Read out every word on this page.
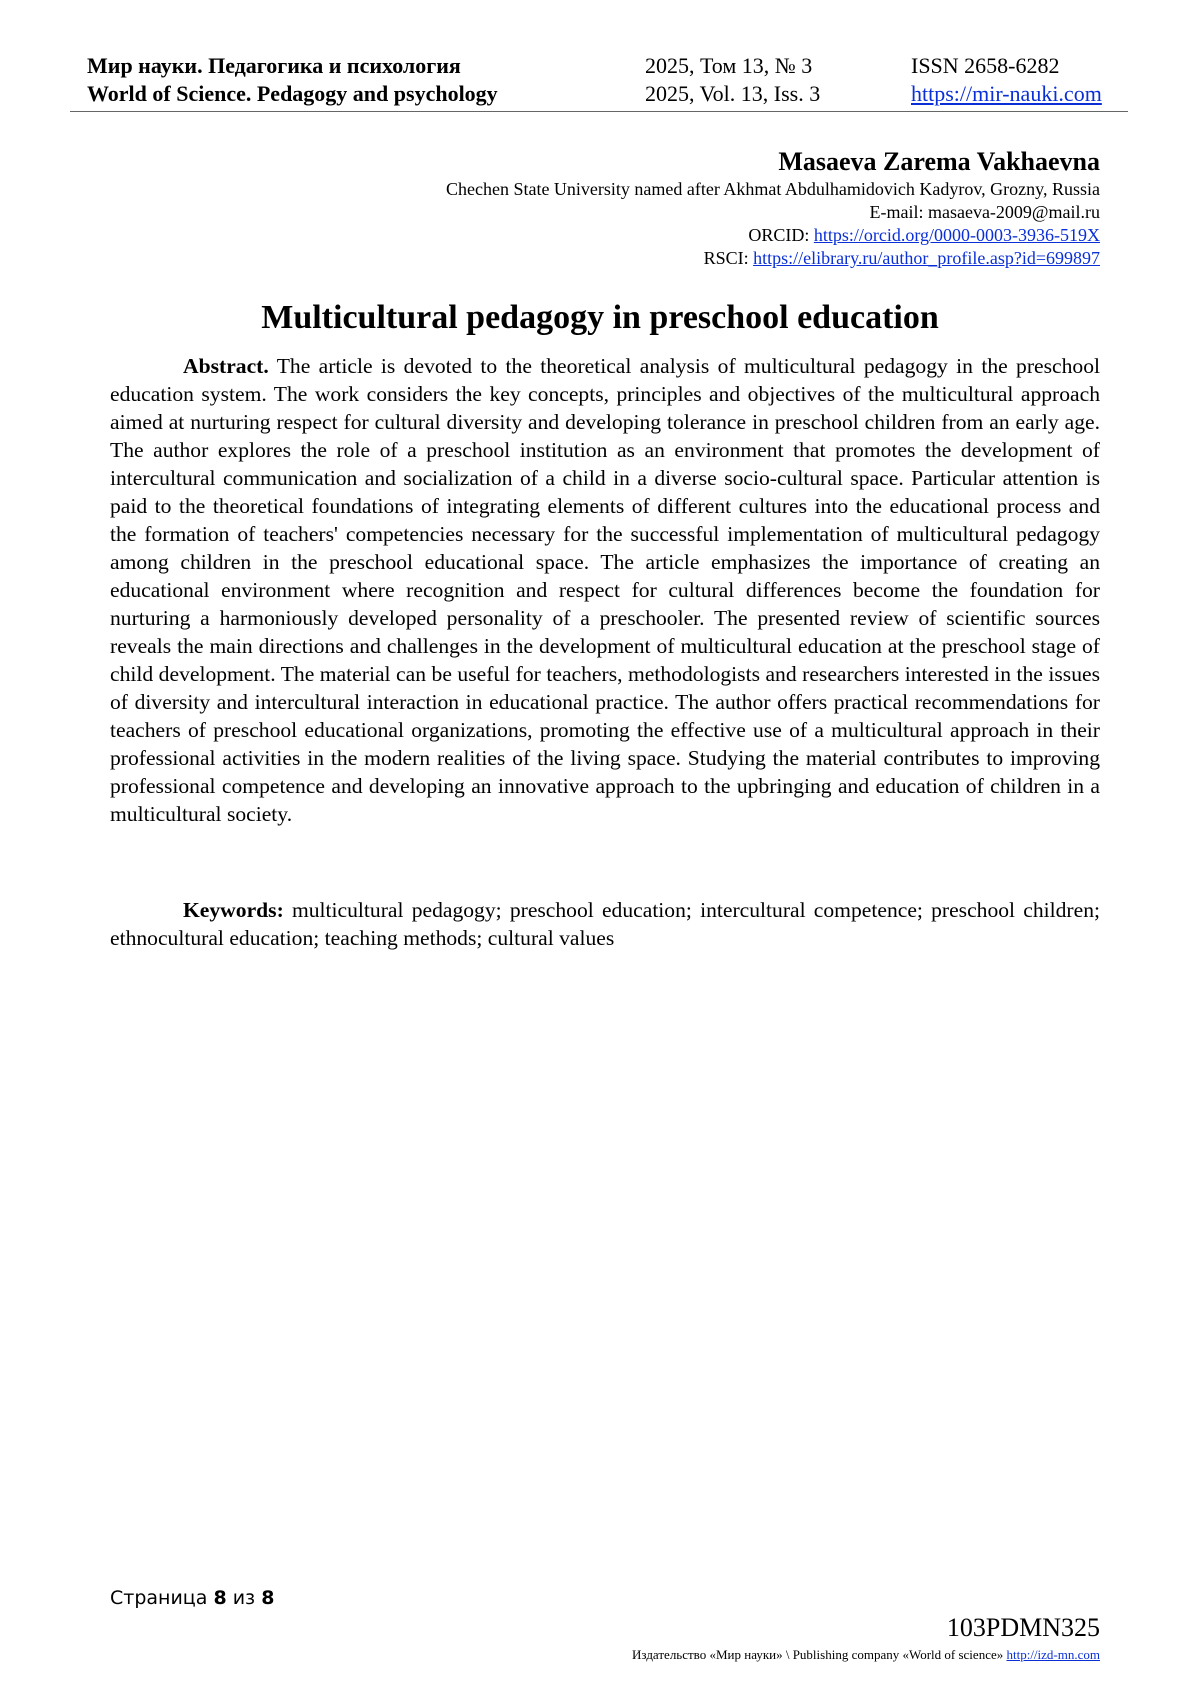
Мир науки. Педагогика и психология	2025, Том 13, № 3	ISSN 2658-6282
World of Science. Pedagogy and psychology	2025, Vol. 13, Iss. 3	https://mir-nauki.com
Masaeva Zarema Vakhaevna
Chechen State University named after Akhmat Abdulhamidovich Kadyrov, Grozny, Russia
E-mail: masaeva-2009@mail.ru
ORCID: https://orcid.org/0000-0003-3936-519X
RSCI: https://elibrary.ru/author_profile.asp?id=699897
Multicultural pedagogy in preschool education
Abstract. The article is devoted to the theoretical analysis of multicultural pedagogy in the preschool education system. The work considers the key concepts, principles and objectives of the multicultural approach aimed at nurturing respect for cultural diversity and developing tolerance in preschool children from an early age. The author explores the role of a preschool institution as an environment that promotes the development of intercultural communication and socialization of a child in a diverse socio-cultural space. Particular attention is paid to the theoretical foundations of integrating elements of different cultures into the educational process and the formation of teachers' competencies necessary for the successful implementation of multicultural pedagogy among children in the preschool educational space. The article emphasizes the importance of creating an educational environment where recognition and respect for cultural differences become the foundation for nurturing a harmoniously developed personality of a preschooler. The presented review of scientific sources reveals the main directions and challenges in the development of multicultural education at the preschool stage of child development. The material can be useful for teachers, methodologists and researchers interested in the issues of diversity and intercultural interaction in educational practice. The author offers practical recommendations for teachers of preschool educational organizations, promoting the effective use of a multicultural approach in their professional activities in the modern realities of the living space. Studying the material contributes to improving professional competence and developing an innovative approach to the upbringing and education of children in a multicultural society.
Keywords: multicultural pedagogy; preschool education; intercultural competence; preschool children; ethnocultural education; teaching methods; cultural values
Страница 8 из 8
103PDMN325
Издательство «Мир науки» \ Publishing company «World of science» http://izd-mn.com
